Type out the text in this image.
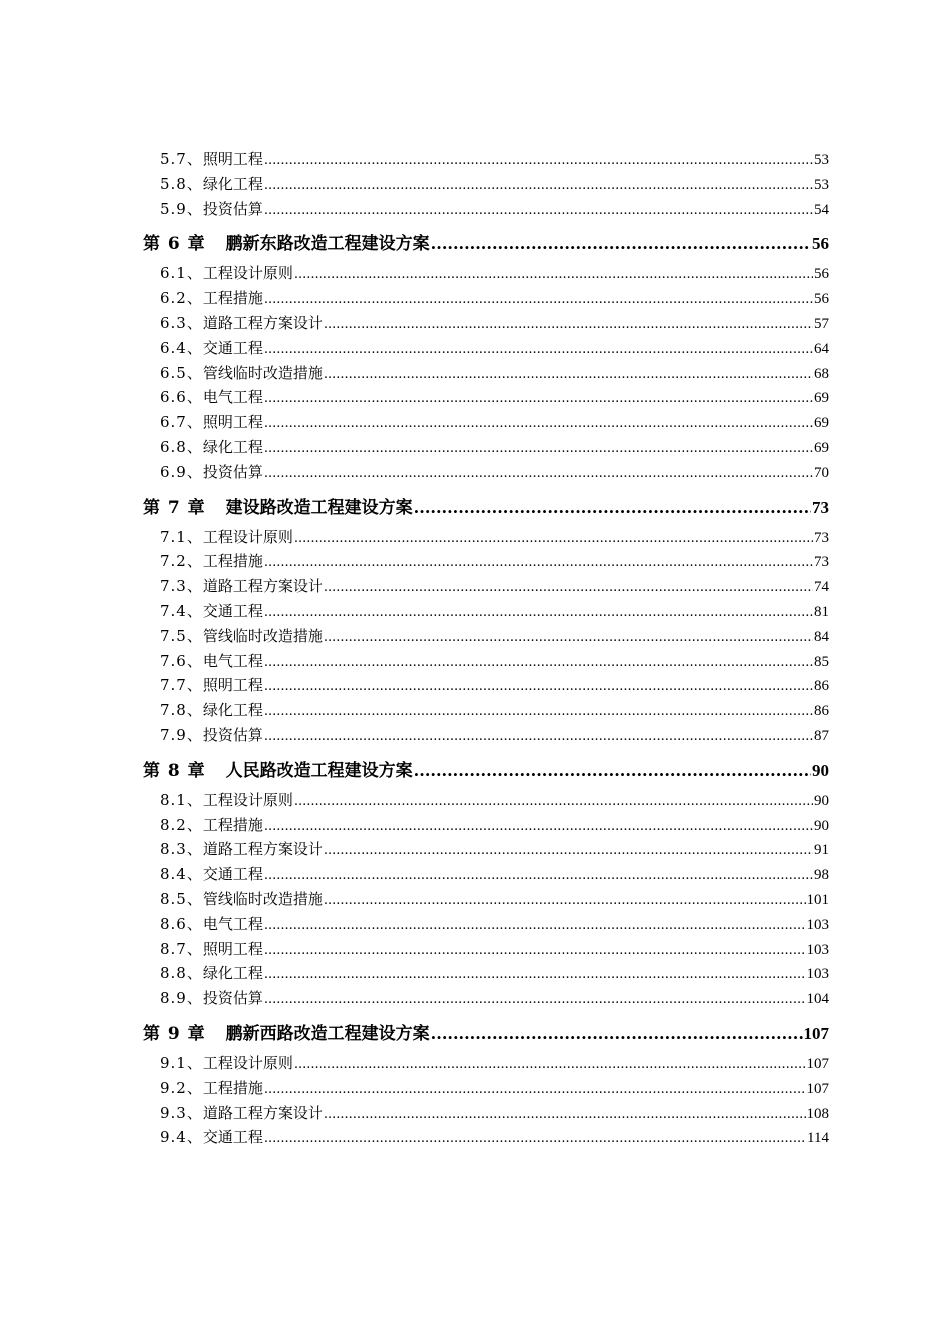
5.7、 照明工程 .....	53
5.8、 绿化工程 .....	53
5.9、 投资估算 .....	54
第 6 章 鹏新东路改造工程建设方案 .....	56
6.1、 工程设计原则 .....	56
6.2、 工程措施 .....	56
6.3、 道路工程方案设计 .....	57
6.4、 交通工程 .....	64
6.5、 管线临时改造措施 .....	68
6.6、 电气工程 .....	69
6.7、 照明工程 .....	69
6.8、 绿化工程 .....	69
6.9、 投资估算 .....	70
第 7 章 建设路改造工程建设方案 .....	73
7.1、 工程设计原则 .....	73
7.2、 工程措施 .....	73
7.3、 道路工程方案设计 .....	74
7.4、 交通工程 .....	81
7.5、 管线临时改造措施 .....	84
7.6、 电气工程 .....	85
7.7、 照明工程 .....	86
7.8、 绿化工程 .....	86
7.9、 投资估算 .....	87
第 8 章 人民路改造工程建设方案 .....	90
8.1、 工程设计原则 .....	90
8.2、 工程措施 .....	90
8.3、 道路工程方案设计 .....	91
8.4、 交通工程 .....	98
8.5、 管线临时改造措施 .....	101
8.6、 电气工程 .....	103
8.7、 照明工程 .....	103
8.8、 绿化工程 .....	103
8.9、 投资估算 .....	104
第 9 章 鹏新西路改造工程建设方案 .....	107
9.1、 工程设计原则 .....	107
9.2、 工程措施 .....	107
9.3、 道路工程方案设计 .....	108
9.4、 交通工程 .....	114
